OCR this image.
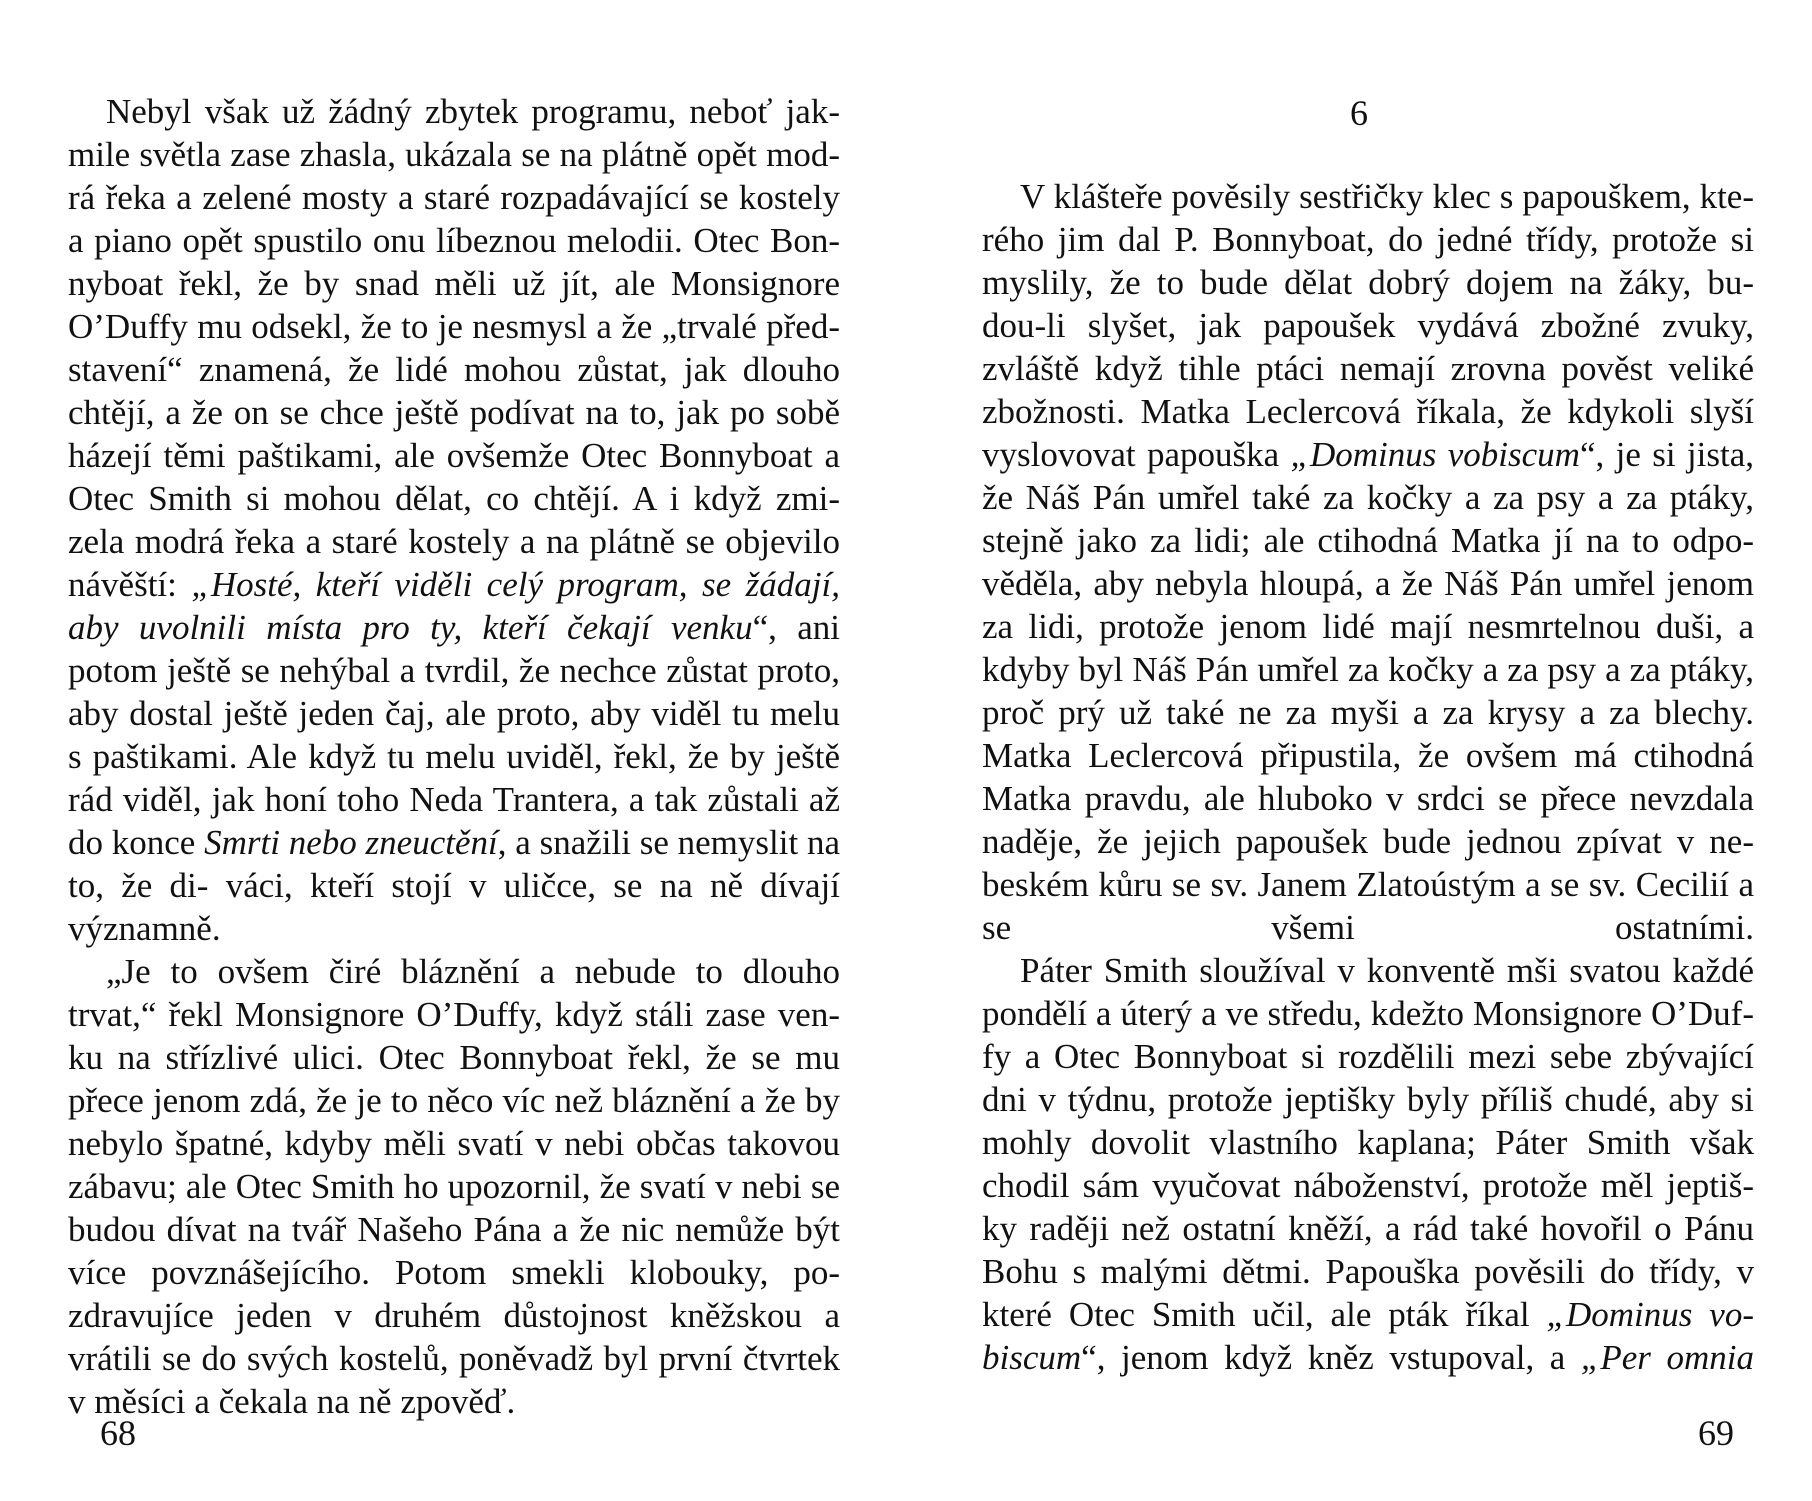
Nebyl však už žádný zbytek programu, neboť jak- mile světla zase zhasla, ukázala se na plátně opět mod- rá řeka a zelené mosty a staré rozpadávající se kostely a piano opět spustilo onu líbeznou melodii. Otec Bon- nyboat řekl, že by snad měli už jít, ale Monsignore O’Duffy mu odsekl, že to je nesmysl a že „trvalé před- stavení“ znamená, že lidé mohou zůstat, jak dlouho chtějí, a že on se chce ještě podívat na to, jak po sobě házejí těmi paštikami, ale ovšemže Otec Bonnyboat a Otec Smith si mohou dělat, co chtějí. A i když zmi- zela modrá řeka a staré kostely a na plátně se objevilo návěští: „Hosté, kteří viděli celý program, se žádají, aby uvolnili místa pro ty, kteří čekají venku“, ani potom ještě se nehýbal a tvrdil, že nechce zůstat proto, aby dostal ještě jeden čaj, ale proto, aby viděl tu melu s paštikami. Ale když tu melu uviděl, řekl, že by ještě rád viděl, jak honí toho Neda Trantera, a tak zůstali až do konce Smrti nebo zneuctění, a snažili se nemyslit na to, že di- váci, kteří stojí v uličce, se na ně dívají významně.

„Je to ovšem čiré bláznění a nebude to dlouho trvat,“ řekl Monsignore O’Duffy, když stáli zase ven- ku na střízlivé ulici. Otec Bonnyboat řekl, že se mu přece jenom zdá, že je to něco víc než bláznění a že by nebylo špatné, kdyby měli svatí v nebi občas takovou zábavu; ale Otec Smith ho upozornil, že svatí v nebi se budou dívat na tvář Našeho Pána a že nic nemůže být více povznášejícího. Potom smekli klobouky, po- zdravujíce jeden v druhém důstojnost kněžskou a vrátili se do svých kostelů, poněvadž byl první čtvrtek v měsíci a čekala na ně zpověď.

68
6

V klášteře pověsily sestřičky klec s papouškem, kte- rého jim dal P. Bonnyboat, do jedné třídy, protože si myslily, že to bude dělat dobrý dojem na žáky, bu- dou-li slyšet, jak papoušek vydává zbožné zvuky, zvláště když tihle ptáci nemají zrovna pověst veliké zbožnosti. Matka Leclercová říkala, že kdykoli slyší vyslovovat papouška „Dominus vobiscum“, je si jista, že Náš Pán umřel také za kočky a za psy a za ptáky, stejně jako za lidi; ale ctihodná Matka jí na to odpo- věděla, aby nebyla hloupá, a že Náš Pán umřel jenom za lidi, protože jenom lidé mají nesmrtelnou duši, a kdyby byl Náš Pán umřel za kočky a za psy a za ptáky, proč prý už také ne za myši a za krysy a za blechy. Matka Leclercová připustila, že ovšem má ctihodná Matka pravdu, ale hluboko v srdci se přece nevzdala naděje, že jejich papoušek bude jednou zpívat v ne- beském kůru se sv. Janem Zlatoústým a se sv. Cecilií a se všemi ostatními.

Páter Smith sloužíval v konventě mši svatou každé pondělí a úterý a ve středu, kdežto Monsignore O’Duf- fy a Otec Bonnyboat si rozdělili mezi sebe zbývající dni v týdnu, protože jeptišky byly příliš chudé, aby si mohly dovolit vlastního kaplana; Páter Smith však chodil sám vyučovat náboženství, protože měl jeptiš- ky raději než ostatní kněží, a rád také hovořil o Pánu Bohu s malými dětmi. Papouška pověsili do třídy, v které Otec Smith učil, ale pták říkal „Dominus vo- biscum“, jenom když kněz vstupoval, a „Per omnia

69
